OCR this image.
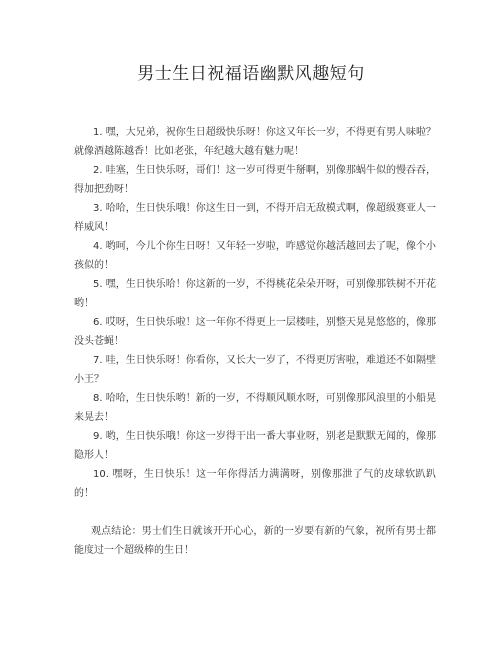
男士生日祝福语幽默风趣短句

1. 嘿，大兄弟，祝你生日超级快乐呀！你这又年长一岁，不得更有男人味啦？就像酒越陈越香！比如老张，年纪越大越有魅力呢！

2. 哇塞，生日快乐呀，哥们！这一岁可得更牛掰啊，别像那蜗牛似的慢吞吞，得加把劲呀！

3. 哈哈，生日快乐哦！你这生日一到，不得开启无敌模式啊，像超级赛亚人一样威风！

4. 哟呵，今儿个你生日呀！又年轻一岁啦，咋感觉你越活越回去了呢，像个小孩似的！

5. 嘿，生日快乐哈！你这新的一岁，不得桃花朵朵开呀，可别像那铁树不开花哟！

6. 哎呀，生日快乐啦！这一年你不得更上一层楼哇，别整天晃晃悠悠的，像那没头苍蝇！

7. 哇，生日快乐呀！你看你，又长大一岁了，不得更厉害啦，难道还不如隔壁小王？

8. 哈哈，生日快乐哟！新的一岁，不得顺风顺水呀，可别像那风浪里的小船晃来晃去！

9. 哟，生日快乐哦！你这一岁得干出一番大事业呀，别老是默默无闻的，像那隐形人！

10. 嘿呀，生日快乐！这一年你得活力满满呀，别像那泄了气的皮球软趴趴的！

观点结论：男士们生日就该开开心心，新的一岁要有新的气象，祝所有男士都能度过一个超级棒的生日！
